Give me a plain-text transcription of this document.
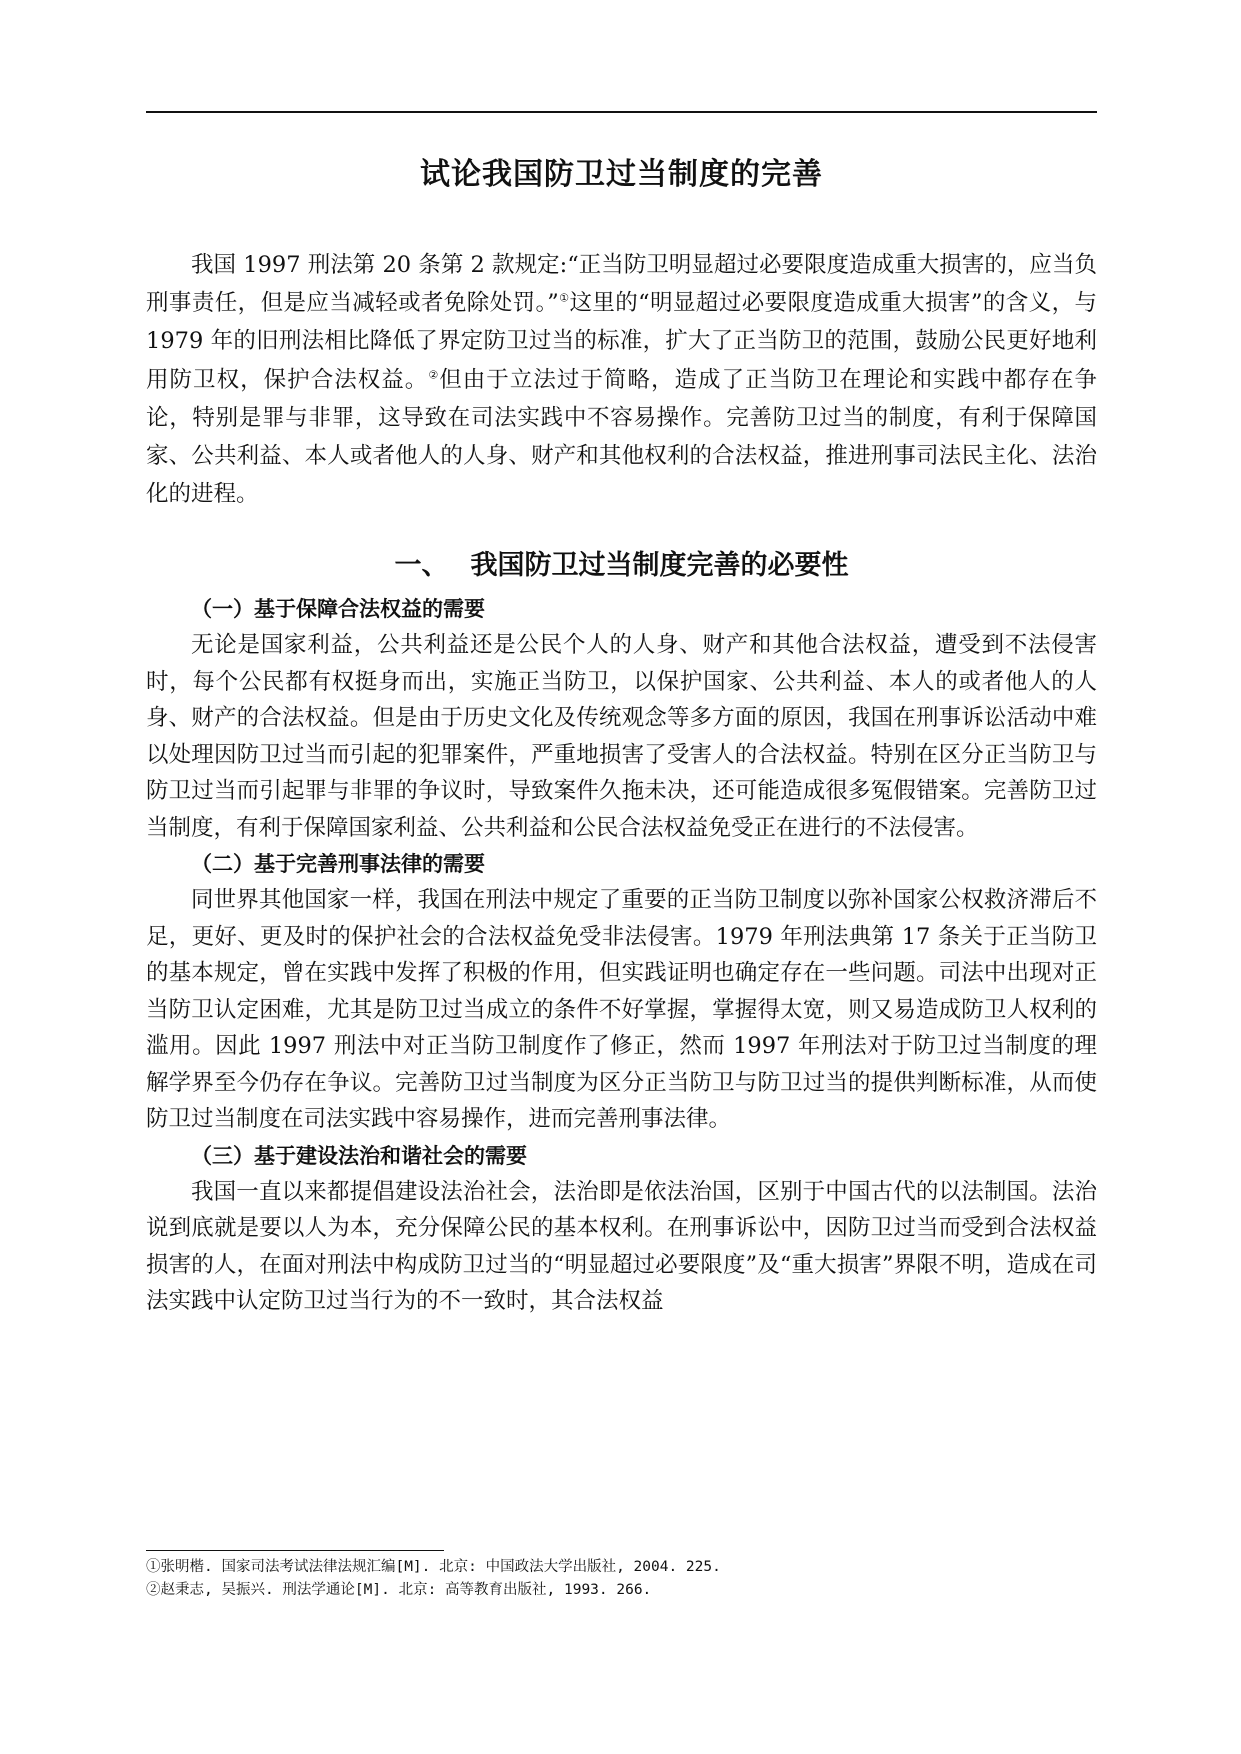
试论我国防卫过当制度的完善

我国 1997 刑法第 20 条第 2 款规定:“正当防卫明显超过必要限度造成重大损害的，应当负刑事责任，但是应当减轻或者免除处罚。”①这里的“明显超过必要限度造成重大损害”的含义，与 1979 年的旧刑法相比降低了界定防卫过当的标准，扩大了正当防卫的范围，鼓励公民更好地利用防卫权，保护合法权益。②但由于立法过于简略，造成了正当防卫在理论和实践中都存在争论，特别是罪与非罪，这导致在司法实践中不容易操作。完善防卫过当的制度，有利于保障国家、公共利益、本人或者他人的人身、财产和其他权利的合法权益，推进刑事司法民主化、法治化的进程。

一、 我国防卫过当制度完善的必要性
（一）基于保障合法权益的需要

无论是国家利益，公共利益还是公民个人的人身、财产和其他合法权益，遭受到不法侵害时，每个公民都有权挺身而出，实施正当防卫，以保护国家、公共利益、本人的或者他人的人身、财产的合法权益。但是由于历史文化及传统观念等多方面的原因，我国在刑事诉讼活动中难以处理因防卫过当而引起的犯罪案件，严重地损害了受害人的合法权益。特别在区分正当防卫与防卫过当而引起罪与非罪的争议时，导致案件久拖未决，还可能造成很多冤假错案。完善防卫过当制度，有利于保障国家利益、公共利益和公民合法权益免受正在进行的不法侵害。

（二）基于完善刑事法律的需要

同世界其他国家一样，我国在刑法中规定了重要的正当防卫制度以弥补国家公权救济滞后不足，更好、更及时的保护社会的合法权益免受非法侵害。1979 年刑法典第 17 条关于正当防卫的基本规定，曾在实践中发挥了积极的作用，但实践证明也确定存在一些问题。司法中出现对正当防卫认定困难，尤其是防卫过当成立的条件不好掌握，掌握得太宽，则又易造成防卫人权利的滥用。因此 1997 刑法中对正当防卫制度作了修正，然而 1997 年刑法对于防卫过当制度的理解学界至今仍存在争议。完善防卫过当制度为区分正当防卫与防卫过当的提供判断标准，从而使防卫过当制度在司法实践中容易操作，进而完善刑事法律。

（三）基于建设法治和谐社会的需要

我国一直以来都提倡建设法治社会，法治即是依法治国，区别于中国古代的以法制国。法治说到底就是要以人为本，充分保障公民的基本权利。在刑事诉讼中，因防卫过当而受到合法权益损害的人，在面对刑法中构成防卫过当的“明显超过必要限度”及“重大损害”界限不明，造成在司法实践中认定防卫过当行为的不一致时，其合法权益

①张明楷. 国家司法考试法律法规汇编[M]. 北京: 中国政法大学出版社, 2004. 225.
②赵秉志, 吴振兴. 刑法学通论[M]. 北京: 高等教育出版社, 1993. 266.
